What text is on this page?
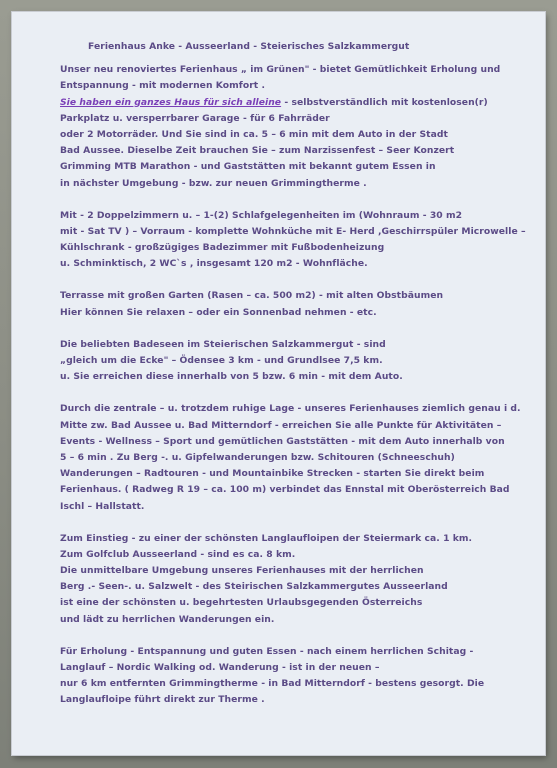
Ferienhaus Anke - Ausseerland - Steierisches Salzkammergut
Unser neu renoviertes Ferienhaus „ im Grünen" - bietet Gemütlichkeit Erholung und
Entspannung - mit modernen Komfort .
Sie haben ein ganzes Haus für sich alleine - selbstverständlich mit kostenlosen(r)
Parkplatz u. versperrbarer Garage - für 6 Fahrräder
oder 2 Motorräder. Und Sie sind in ca. 5 – 6 min mit dem Auto in der Stadt
Bad Aussee. Dieselbe Zeit brauchen Sie – zum Narzissenfest – Seer Konzert
Grimming MTB Marathon - und Gaststätten mit bekannt gutem Essen in
in nächster Umgebung - bzw. zur neuen Grimmingtherme .
Mit - 2 Doppelzimmern u. – 1-(2) Schlafgelegenheiten im (Wohnraum - 30 m2
mit - Sat TV ) – Vorraum - komplette Wohnküche mit E- Herd ,Geschirrspüler Microwelle –
Kühlschrank - großzügiges Badezimmer mit Fußbodenheizung
u. Schminktisch, 2 WC`s , insgesamt 120 m2 - Wohnfläche.
Terrasse mit großen Garten (Rasen – ca. 500 m2) - mit alten Obstbäumen
Hier können Sie relaxen – oder ein Sonnenbad nehmen - etc.
Die beliebten Badeseen im Steierischen Salzkammergut - sind
„gleich um die Ecke" – Ödensee 3 km - und Grundlsee 7,5 km.
u. Sie erreichen diese innerhalb von 5 bzw. 6 min - mit dem Auto.
Durch die zentrale – u. trotzdem ruhige Lage - unseres Ferienhauses ziemlich genau i d.
Mitte zw. Bad Aussee u. Bad Mitterndorf - erreichen Sie alle Punkte für Aktivitäten –
Events - Wellness – Sport und gemütlichen Gaststätten - mit dem Auto innerhalb von
5 – 6 min . Zu Berg -. u. Gipfelwanderungen bzw. Schitouren (Schneeschuh)
Wanderungen – Radtouren - und Mountainbike Strecken - starten Sie direkt beim
Ferienhaus. ( Radweg R 19 – ca. 100 m) verbindet das Ennstal mit Oberösterreich Bad
Ischl – Hallstatt.
Zum Einstieg - zu einer der schönsten Langlaufloipen der Steiermark ca. 1 km.
Zum Golfclub Ausseerland - sind es ca. 8 km.
Die unmittelbare Umgebung unseres Ferienhauses mit der herrlichen
Berg .- Seen-. u. Salzwelt - des Steirischen Salzkammergutes Ausseerland
ist eine der schönsten u. begehrtesten Urlaubsgegenden Österreichs
und lädt zu herrlichen Wanderungen ein.
Für Erholung - Entspannung und guten Essen - nach einem herrlichen Schitag -
Langlauf – Nordic Walking od. Wanderung - ist in der neuen –
nur 6 km entfernten Grimmingtherme - in Bad Mitterndorf - bestens gesorgt. Die
Langlaufloipe führt direkt zur Therme .
